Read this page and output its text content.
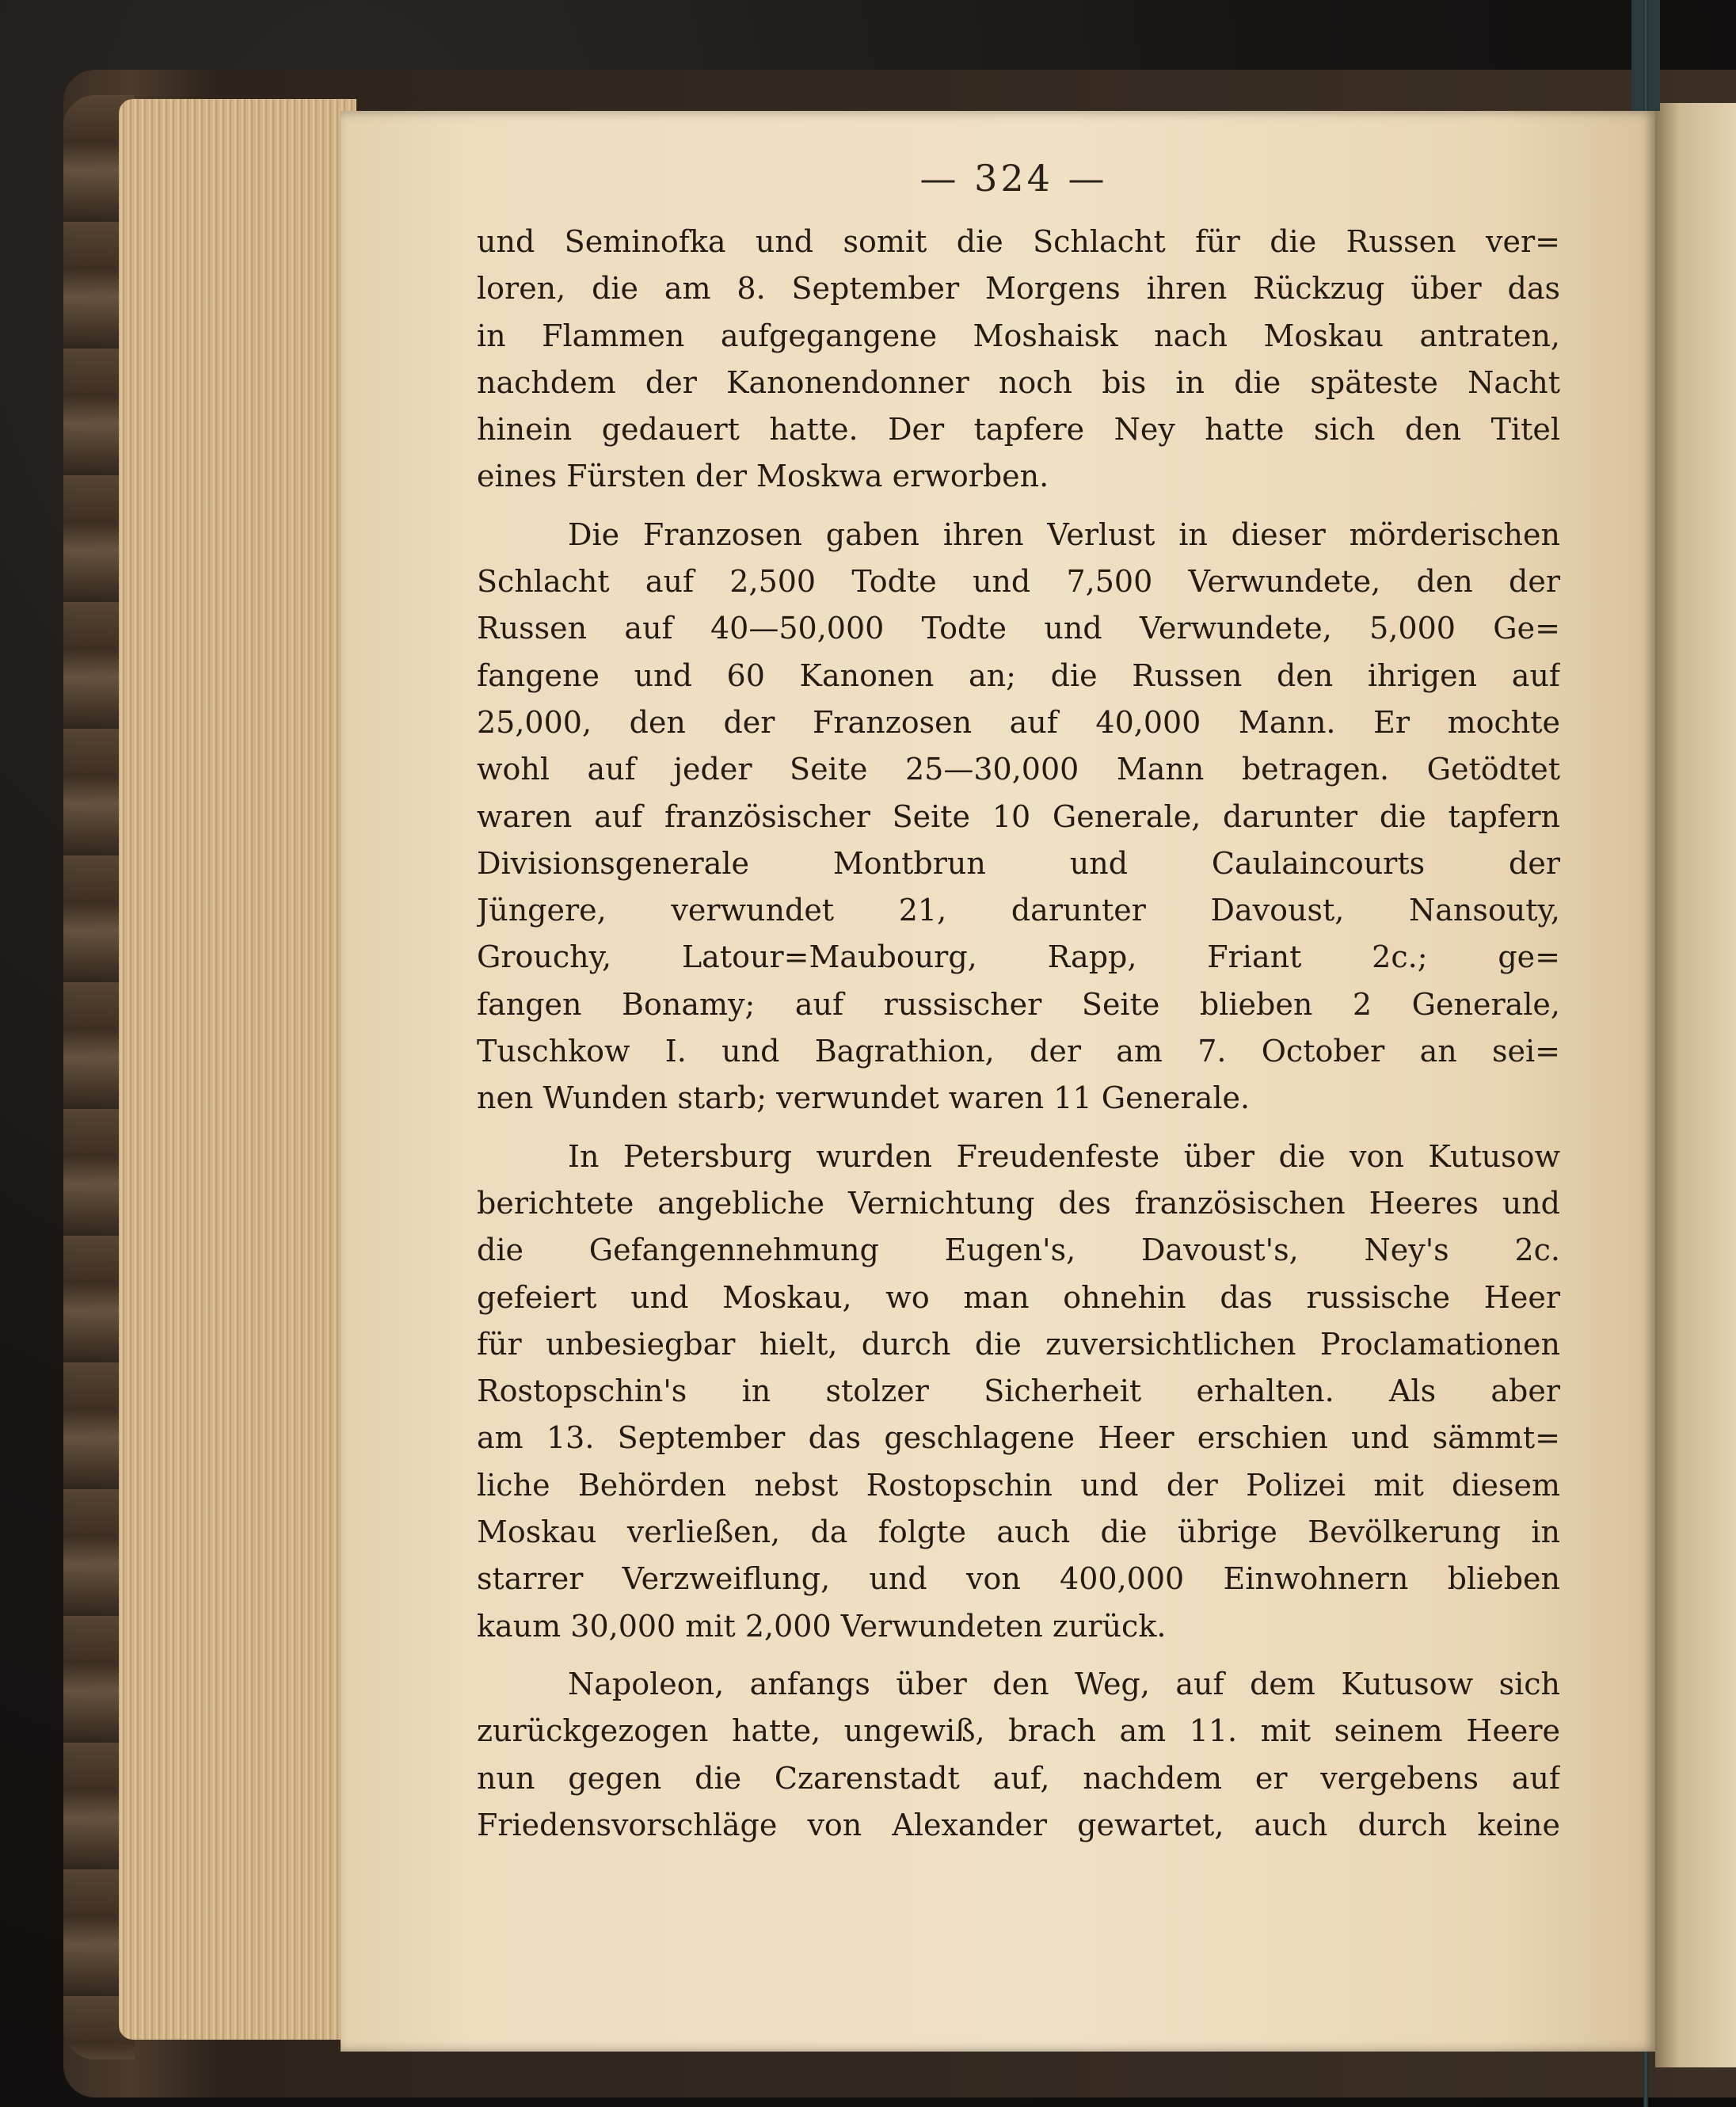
— 324 —
und Seminofka und somit die Schlacht für die Russen ver=
loren, die am 8. September Morgens ihren Rückzug über das
in Flammen aufgegangene Moshaisk nach Moskau antraten,
nachdem der Kanonendonner noch bis in die späteste Nacht
hinein gedauert hatte. Der tapfere Ney hatte sich den Titel
eines Fürsten der Moskwa erworben.
Die Franzosen gaben ihren Verlust in dieser mörderischen
Schlacht auf 2,500 Todte und 7,500 Verwundete, den der
Russen auf 40—50,000 Todte und Verwundete, 5,000 Ge=
fangene und 60 Kanonen an; die Russen den ihrigen auf
25,000, den der Franzosen auf 40,000 Mann. Er mochte
wohl auf jeder Seite 25—30,000 Mann betragen. Getödtet
waren auf französischer Seite 10 Generale, darunter die tapfern
Divisionsgenerale Montbrun und Caulaincourts der
Jüngere, verwundet 21, darunter Davoust, Nansouty,
Grouchy, Latour=Maubourg, Rapp, Friant 2c.; ge=
fangen Bonamy; auf russischer Seite blieben 2 Generale,
Tuschkow I. und Bagrathion, der am 7. October an sei=
nen Wunden starb; verwundet waren 11 Generale.
In Petersburg wurden Freudenfeste über die von Kutusow
berichtete angebliche Vernichtung des französischen Heeres und
die Gefangennehmung Eugen's, Davoust's, Ney's 2c.
gefeiert und Moskau, wo man ohnehin das russische Heer
für unbesiegbar hielt, durch die zuversichtlichen Proclamationen
Rostopschin's in stolzer Sicherheit erhalten. Als aber
am 13. September das geschlagene Heer erschien und sämmt=
liche Behörden nebst Rostopschin und der Polizei mit diesem
Moskau verließen, da folgte auch die übrige Bevölkerung in
starrer Verzweiflung, und von 400,000 Einwohnern blieben
kaum 30,000 mit 2,000 Verwundeten zurück.
Napoleon, anfangs über den Weg, auf dem Kutusow sich
zurückgezogen hatte, ungewiß, brach am 11. mit seinem Heere
nun gegen die Czarenstadt auf, nachdem er vergebens auf
Friedensvorschläge von Alexander gewartet, auch durch keine
